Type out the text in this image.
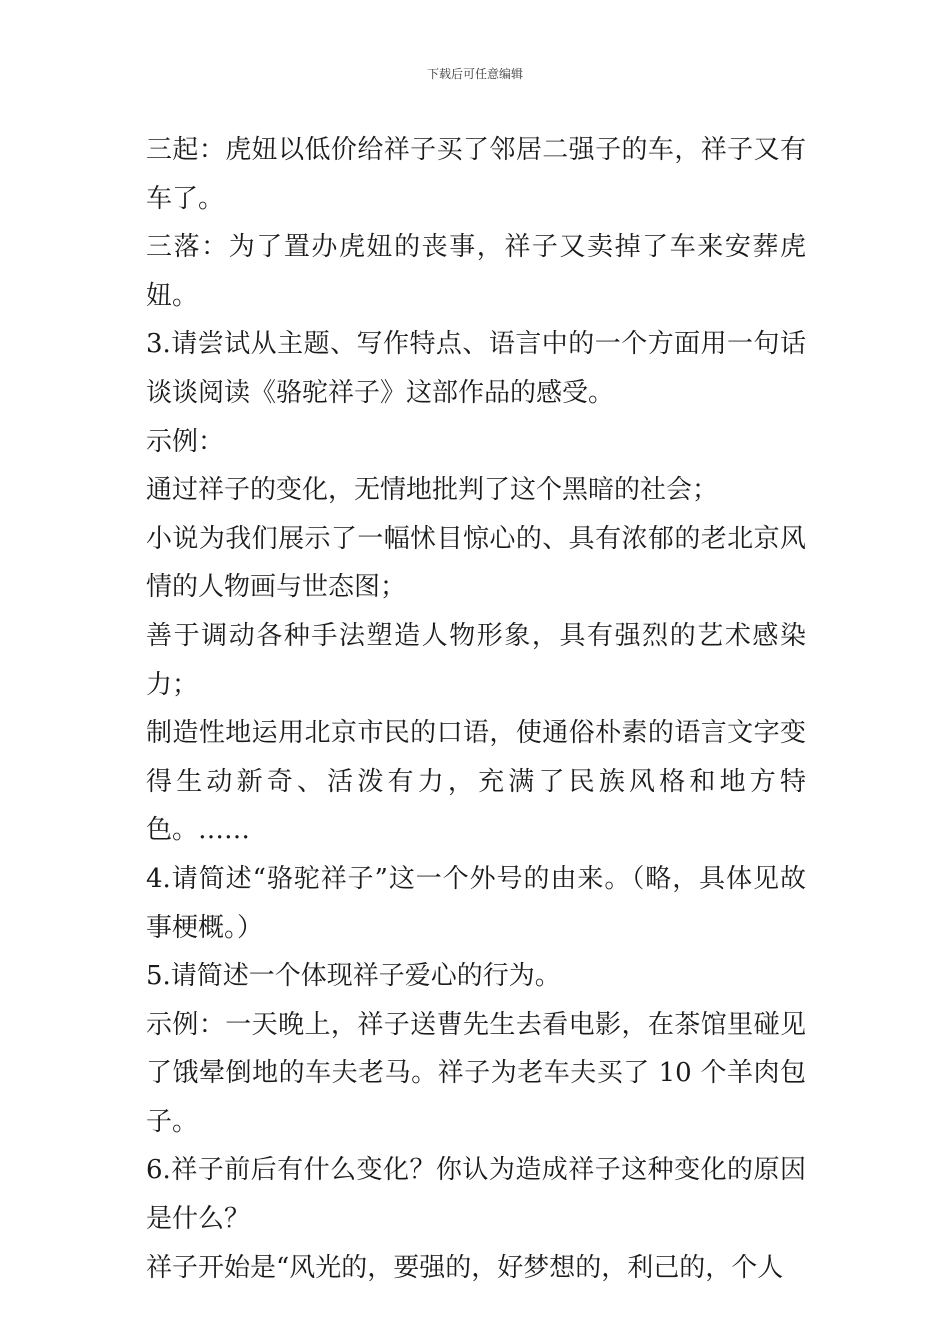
下载后可任意编辑

三起：虎妞以低价给祥子买了邻居二强子的车，祥子又有车了。

三落：为了置办虎妞的丧事，祥子又卖掉了车来安葬虎妞。

3.请尝试从主题、写作特点、语言中的一个方面用一句话谈谈阅读《骆驼祥子》这部作品的感受。

示例：

通过祥子的变化，无情地批判了这个黑暗的社会；

小说为我们展示了一幅怵目惊心的、具有浓郁的老北京风情的人物画与世态图；

善于调动各种手法塑造人物形象，具有强烈的艺术感染力；

制造性地运用北京市民的口语，使通俗朴素的语言文字变得生动新奇、活泼有力，充满了民族风格和地方特色。……

4.请简述“骆驼祥子”这一个外号的由来。（略，具体见故事梗概。）

5.请简述一个体现祥子爱心的行为。

示例：一天晚上，祥子送曹先生去看电影，在茶馆里碰见了饿晕倒地的车夫老马。祥子为老车夫买了 10 个羊肉包子。

6.祥子前后有什么变化？你认为造成祥子这种变化的原因是什么？

祥子开始是“风光的，要强的，好梦想的，利己的，个人
